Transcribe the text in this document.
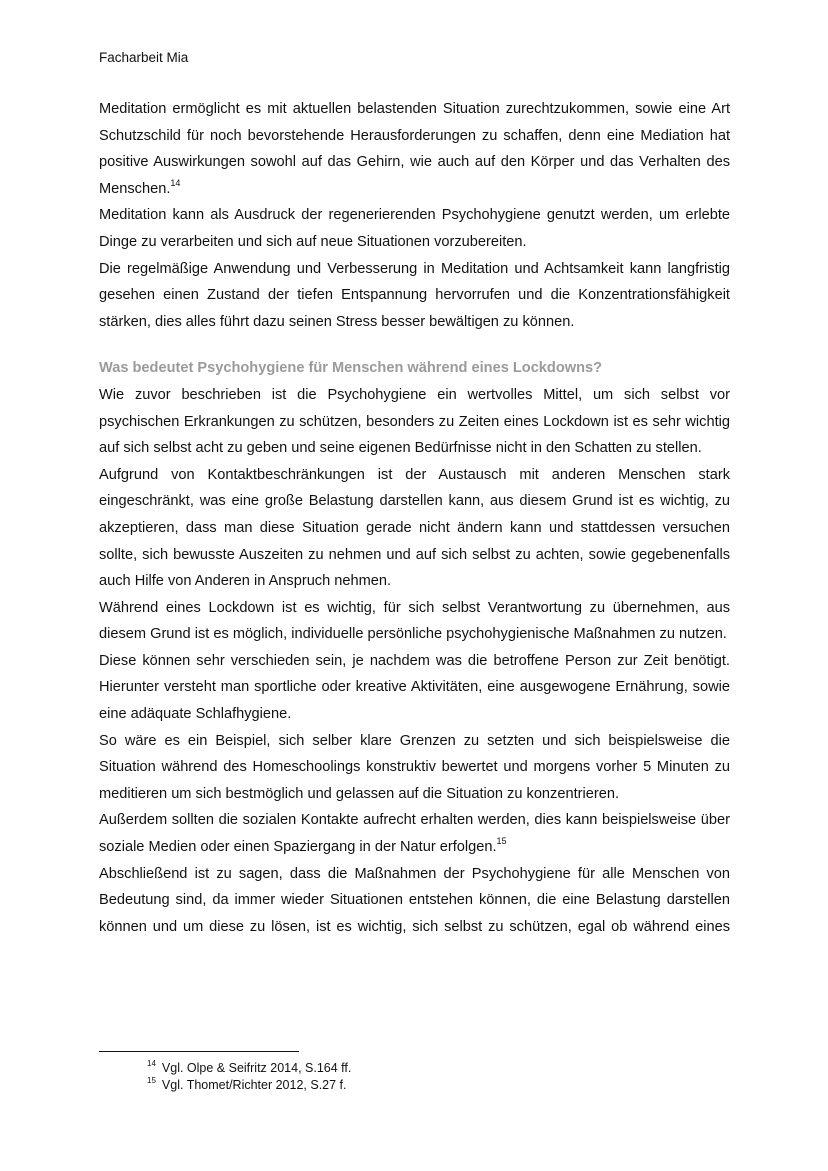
Facharbeit Mia

Meditation ermöglicht es mit aktuellen belastenden Situation zurechtzukommen, sowie eine Art Schutzschild für noch bevorstehende Herausforderungen zu schaffen, denn eine Mediation hat positive Auswirkungen sowohl auf das Gehirn, wie auch auf den Körper und das Verhalten des Menschen.$^{14}$

Meditation kann als Ausdruck der regenerierenden Psychohygiene genutzt werden, um erlebte Dinge zu verarbeiten und sich auf neue Situationen vorzubereiten.

Die regelmäßige Anwendung und Verbesserung in Meditation und Achtsamkeit kann langfristig gesehen einen Zustand der tiefen Entspannung hervorrufen und die Konzentrationsfähigkeit stärken, dies alles führt dazu seinen Stress besser bewältigen zu können.

Was bedeutet Psychohygiene für Menschen während eines Lockdowns?

Wie zuvor beschrieben ist die Psychohygiene ein wertvolles Mittel, um sich selbst vor psychischen Erkrankungen zu schützen, besonders zu Zeiten eines Lockdown ist es sehr wichtig auf sich selbst acht zu geben und seine eigenen Bedürfnisse nicht in den Schatten zu stellen.

Aufgrund von Kontaktbeschränkungen ist der Austausch mit anderen Menschen stark eingeschränkt, was eine große Belastung darstellen kann, aus diesem Grund ist es wichtig, zu akzeptieren, dass man diese Situation gerade nicht ändern kann und stattdessen versuchen sollte, sich bewusste Auszeiten zu nehmen und auf sich selbst zu achten, sowie gegebenenfalls auch Hilfe von Anderen in Anspruch nehmen.

Während eines Lockdown ist es wichtig, für sich selbst Verantwortung zu übernehmen, aus diesem Grund ist es möglich, individuelle persönliche psychohygienische Maßnahmen zu nutzen.

Diese können sehr verschieden sein, je nachdem was die betroffene Person zur Zeit benötigt. Hierunter versteht man sportliche oder kreative Aktivitäten, eine ausgewogene Ernährung, sowie eine adäquate Schlafhygiene.

So wäre es ein Beispiel, sich selber klare Grenzen zu setzten und sich beispielsweise die Situation während des Homeschoolings konstruktiv bewertet und morgens vorher 5 Minuten zu meditieren um sich bestmöglich und gelassen auf die Situation zu konzentrieren.

Außerdem sollten die sozialen Kontakte aufrecht erhalten werden, dies kann beispielsweise über soziale Medien oder einen Spaziergang in der Natur erfolgen.$^{15}$

Abschließend ist zu sagen, dass die Maßnahmen der Psychohygiene für alle Menschen von Bedeutung sind, da immer wieder Situationen entstehen können, die eine Belastung darstellen können und um diese zu lösen, ist es wichtig, sich selbst zu schützen, egal ob während eines

$^{14}$ Vgl. Olpe & Seifritz 2014, S.164 ff.
$^{15}$ Vgl. Thomet/Richter 2012, S.27 f.
